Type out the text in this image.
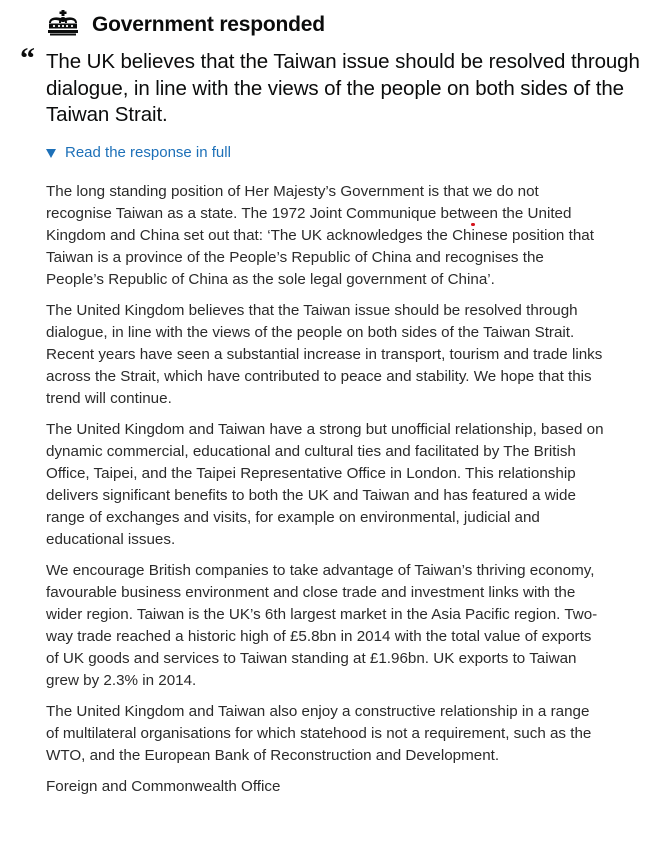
Government responded
“ The UK believes that the Taiwan issue should be resolved through dialogue, in line with the views of the people on both sides of the Taiwan Strait.
Read the response in full

The long standing position of Her Majesty’s Government is that we do not recognise Taiwan as a state.
The 1972 Joint Communique between the United Kingdom and China set out that: ‘The UK acknowledges the Chinese position that Taiwan is a province of the People’s Republic of China and recognises the People’s Republic of China as the sole legal government of China’.

The United Kingdom believes that the Taiwan issue should be resolved through dialogue, in line with the views of the people on both sides of the Taiwan Strait. Recent years have seen a substantial increase in transport, tourism and trade links across the Strait, which have contributed to peace and stability. We hope that this trend will continue.

The United Kingdom and Taiwan have a strong but unofficial relationship, based on dynamic commercial, educational and cultural ties and facilitated by The British Office, Taipei, and the Taipei Representative Office in London. This relationship delivers significant benefits to both the UK and Taiwan and has featured a wide range of exchanges and visits, for example on environmental, judicial and educational issues.

We encourage British companies to take advantage of Taiwan’s thriving economy, favourable business environment and close trade and investment links with the wider region. Taiwan is the UK’s 6th largest market in the Asia Pacific region. Two-way trade reached a historic high of £5.8bn in 2014 with the total value of exports of UK goods and services to Taiwan standing at £1.96bn. UK exports to Taiwan grew by 2.3% in 2014.

The United Kingdom and Taiwan also enjoy a constructive relationship in a range of multilateral organisations for which statehood is not a requirement, such as the WTO, and the European Bank of Reconstruction and Development.

Foreign and Commonwealth Office
